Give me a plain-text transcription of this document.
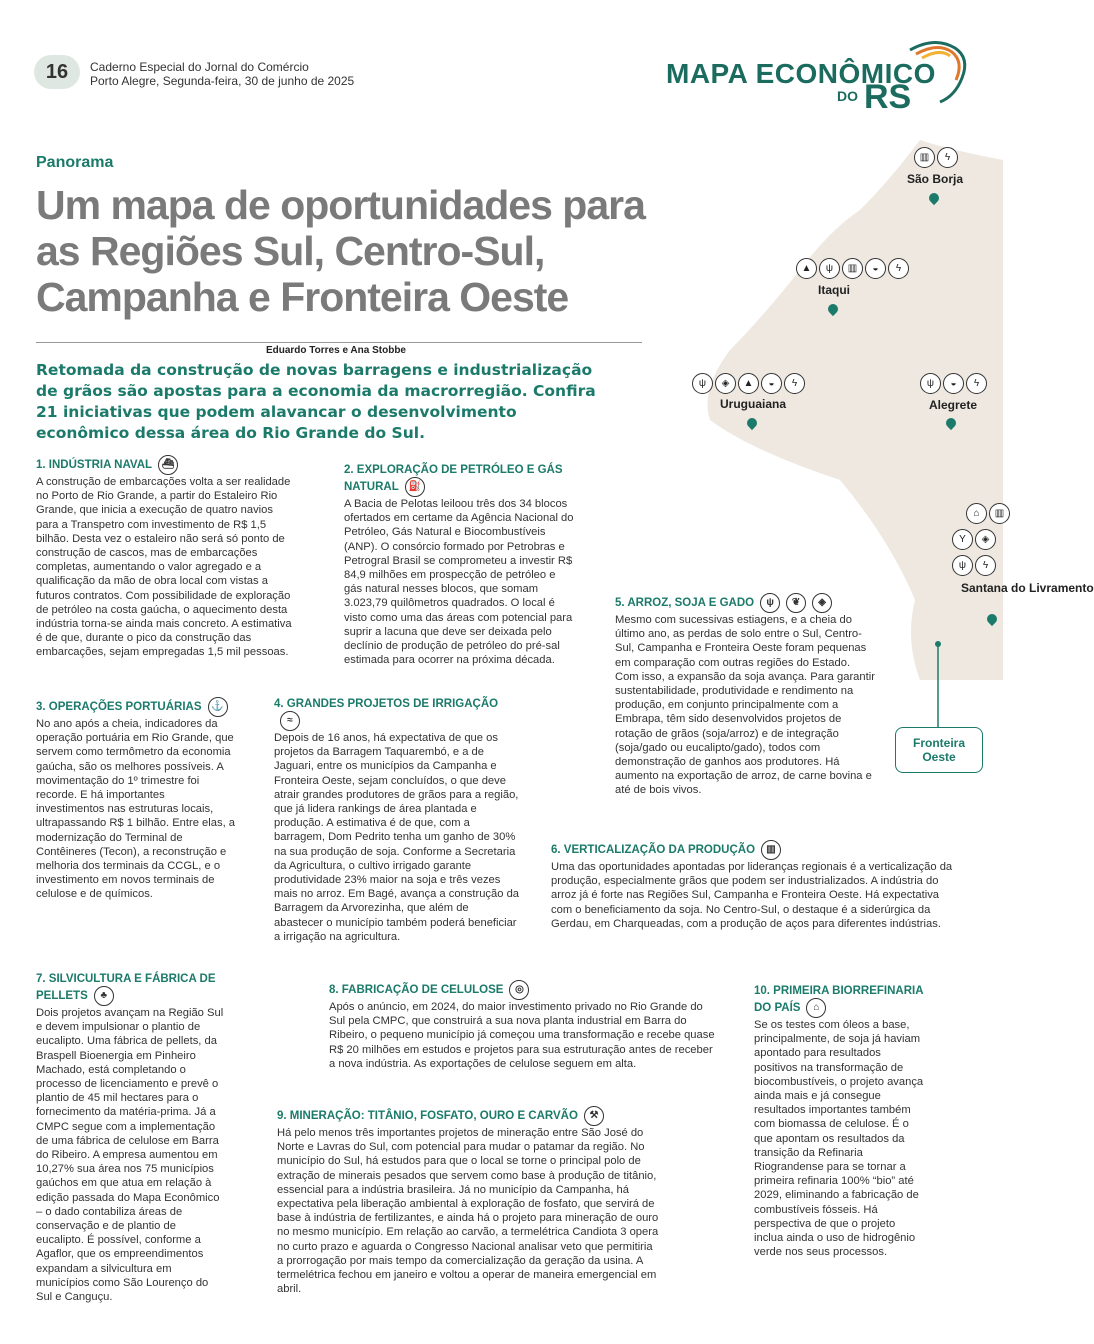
16	Caderno Especial do Jornal do Comércio
Porto Alegre, Segunda-feira, 30 de junho de 2025	MAPA ECONÔMICO
DO RS
▥ ϟ
São Borja
▲ ψ ▥ ◒ ϟ
Itaqui
ψ ◈ ▲ ◒ ϟ
Uruguaiana
ψ ◒ ϟ
Alegrete
⌂ ▥
Y ◈
ψ ϟ
Santana do Livramento
Fronteira Oeste
Panorama
Um mapa de oportunidades para as Regiões Sul, Centro-Sul, Campanha e Fronteira Oeste
Eduardo Torres e Ana Stobbe
Retomada da construção de novas barragens e industrialização de grãos são apostas para a economia da macrorregião. Confira 21 iniciativas que podem alavancar o desenvolvimento econômico dessa área do Rio Grande do Sul.
1. INDÚSTRIA NAVAL ⛴
A construção de embarcações volta a ser realidade no Porto de Rio Grande, a partir do Estaleiro Rio Grande, que inicia a execução de quatro navios para a Transpetro com investimento de R$ 1,5 bilhão. Desta vez o estaleiro não será só ponto de construção de cascos, mas de embarcações completas, aumentando o valor agregado e a qualificação da mão de obra local com vistas a futuros contratos. Com possibilidade de exploração de petróleo na costa gaúcha, o aquecimento desta indústria torna-se ainda mais concreto. A estimativa é de que, durante o pico da construção das embarcações, sejam empregadas 1,5 mil pessoas.
2. EXPLORAÇÃO DE PETRÓLEO E GÁS NATURAL ⛽
A Bacia de Pelotas leiloou três dos 34 blocos ofertados em certame da Agência Nacional do Petróleo, Gás Natural e Biocombustíveis (ANP). O consórcio formado por Petrobras e Petrogral Brasil se comprometeu a investir R$ 84,9 milhões em prospecção de petróleo e gás natural nesses blocos, que somam 3.023,79 quilômetros quadrados. O local é visto como uma das áreas com potencial para suprir a lacuna que deve ser deixada pelo declínio de produção de petróleo do pré-sal estimada para ocorrer na próxima década.
3. OPERAÇÕES PORTUÁRIAS ⚓
No ano após a cheia, indicadores da operação portuária em Rio Grande, que servem como termômetro da economia gaúcha, são os melhores possíveis. A movimentação do 1º trimestre foi recorde. E há importantes investimentos nas estruturas locais, ultrapassando R$ 1 bilhão. Entre elas, a modernização do Terminal de Contêineres (Tecon), a reconstrução e melhoria dos terminais da CCGL, e o investimento em novos terminais de celulose e de químicos.
4. GRANDES PROJETOS DE IRRIGAÇÃO≈
Depois de 16 anos, há expectativa de que os projetos da Barragem Taquarembó, e a de Jaguari, entre os municípios da Campanha e Fronteira Oeste, sejam concluídos, o que deve atrair grandes produtores de grãos para a região, que já lidera rankings de área plantada e produção. A estimativa é de que, com a barragem, Dom Pedrito tenha um ganho de 30% na sua produção de soja. Conforme a Secretaria da Agricultura, o cultivo irrigado garante produtividade 23% maior na soja e três vezes mais no arroz. Em Bagé, avança a construção da Barragem da Arvorezinha, que além de abastecer o município também poderá beneficiar a irrigação na agricultura.
5. ARROZ, SOJA E GADO ψ ❦ ◈
Mesmo com sucessivas estiagens, e a cheia do último ano, as perdas de solo entre o Sul, Centro-Sul, Campanha e Fronteira Oeste foram pequenas em comparação com outras regiões do Estado. Com isso, a expansão da soja avança. Para garantir sustentabilidade, produtividade e rendimento na produção, em conjunto principalmente com a Embrapa, têm sido desenvolvidos projetos de rotação de grãos (soja/arroz) e de integração (soja/gado ou eucalipto/gado), todos com demonstração de ganhos aos produtores. Há aumento na exportação de arroz, de carne bovina e até de bois vivos.
6. VERTICALIZAÇÃO DA PRODUÇÃO ▥
Uma das oportunidades apontadas por lideranças regionais é a verticalização da produção, especialmente grãos que podem ser industrializados. A indústria do arroz já é forte nas Regiões Sul, Campanha e Fronteira Oeste. Há expectativa com o beneficiamento da soja. No Centro-Sul, o destaque é a siderúrgica da Gerdau, em Charqueadas, com a produção de aços para diferentes indústrias.
7. SILVICULTURA E FÁBRICA DE PELLETS ♣
Dois projetos avançam na Região Sul e devem impulsionar o plantio de eucalipto. Uma fábrica de pellets, da Braspell Bioenergia em Pinheiro Machado, está completando o processo de licenciamento e prevê o plantio de 45 mil hectares para o fornecimento da matéria-prima. Já a CMPC segue com a implementação de uma fábrica de celulose em Barra do Ribeiro. A empresa aumentou em 10,27% sua área nos 75 municípios gaúchos em que atua em relação à edição passada do Mapa Econômico – o dado contabiliza áreas de conservação e de plantio de eucalipto. É possível, conforme a Agaflor, que os empreendimentos expandam a silvicultura em municípios como São Lourenço do Sul e Canguçu.
8. FABRICAÇÃO DE CELULOSE ◎
Após o anúncio, em 2024, do maior investimento privado no Rio Grande do Sul pela CMPC, que construirá a sua nova planta industrial em Barra do Ribeiro, o pequeno município já começou uma transformação e recebe quase R$ 20 milhões em estudos e projetos para sua estruturação antes de receber a nova indústria. As exportações de celulose seguem em alta.
9. MINERAÇÃO: TITÂNIO, FOSFATO, OURO E CARVÃO ⚒
Há pelo menos três importantes projetos de mineração entre São José do Norte e Lavras do Sul, com potencial para mudar o patamar da região. No município do Sul, há estudos para que o local se torne o principal polo de extração de minerais pesados que servem como base à produção de titânio, essencial para a indústria brasileira. Já no município da Campanha, há expectativa pela liberação ambiental à exploração de fosfato, que servirá de base à indústria de fertilizantes, e ainda há o projeto para mineração de ouro no mesmo município. Em relação ao carvão, a termelétrica Candiota 3 opera no curto prazo e aguarda o Congresso Nacional analisar veto que permitiria a prorrogação por mais tempo da comercialização da geração da usina. A termelétrica fechou em janeiro e voltou a operar de maneira emergencial em abril.
10. PRIMEIRA BIORREFINARIA DO PAÍS ⌂
Se os testes com óleos a base, principalmente, de soja já haviam apontado para resultados positivos na transformação de biocombustíveis, o projeto avança ainda mais e já consegue resultados importantes também com biomassa de celulose. É o que apontam os resultados da transição da Refinaria Riograndense para se tornar a primeira refinaria 100% “bio” até 2029, eliminando a fabricação de combustíveis fósseis. Há perspectiva de que o projeto inclua ainda o uso de hidrogênio verde nos seus processos.
